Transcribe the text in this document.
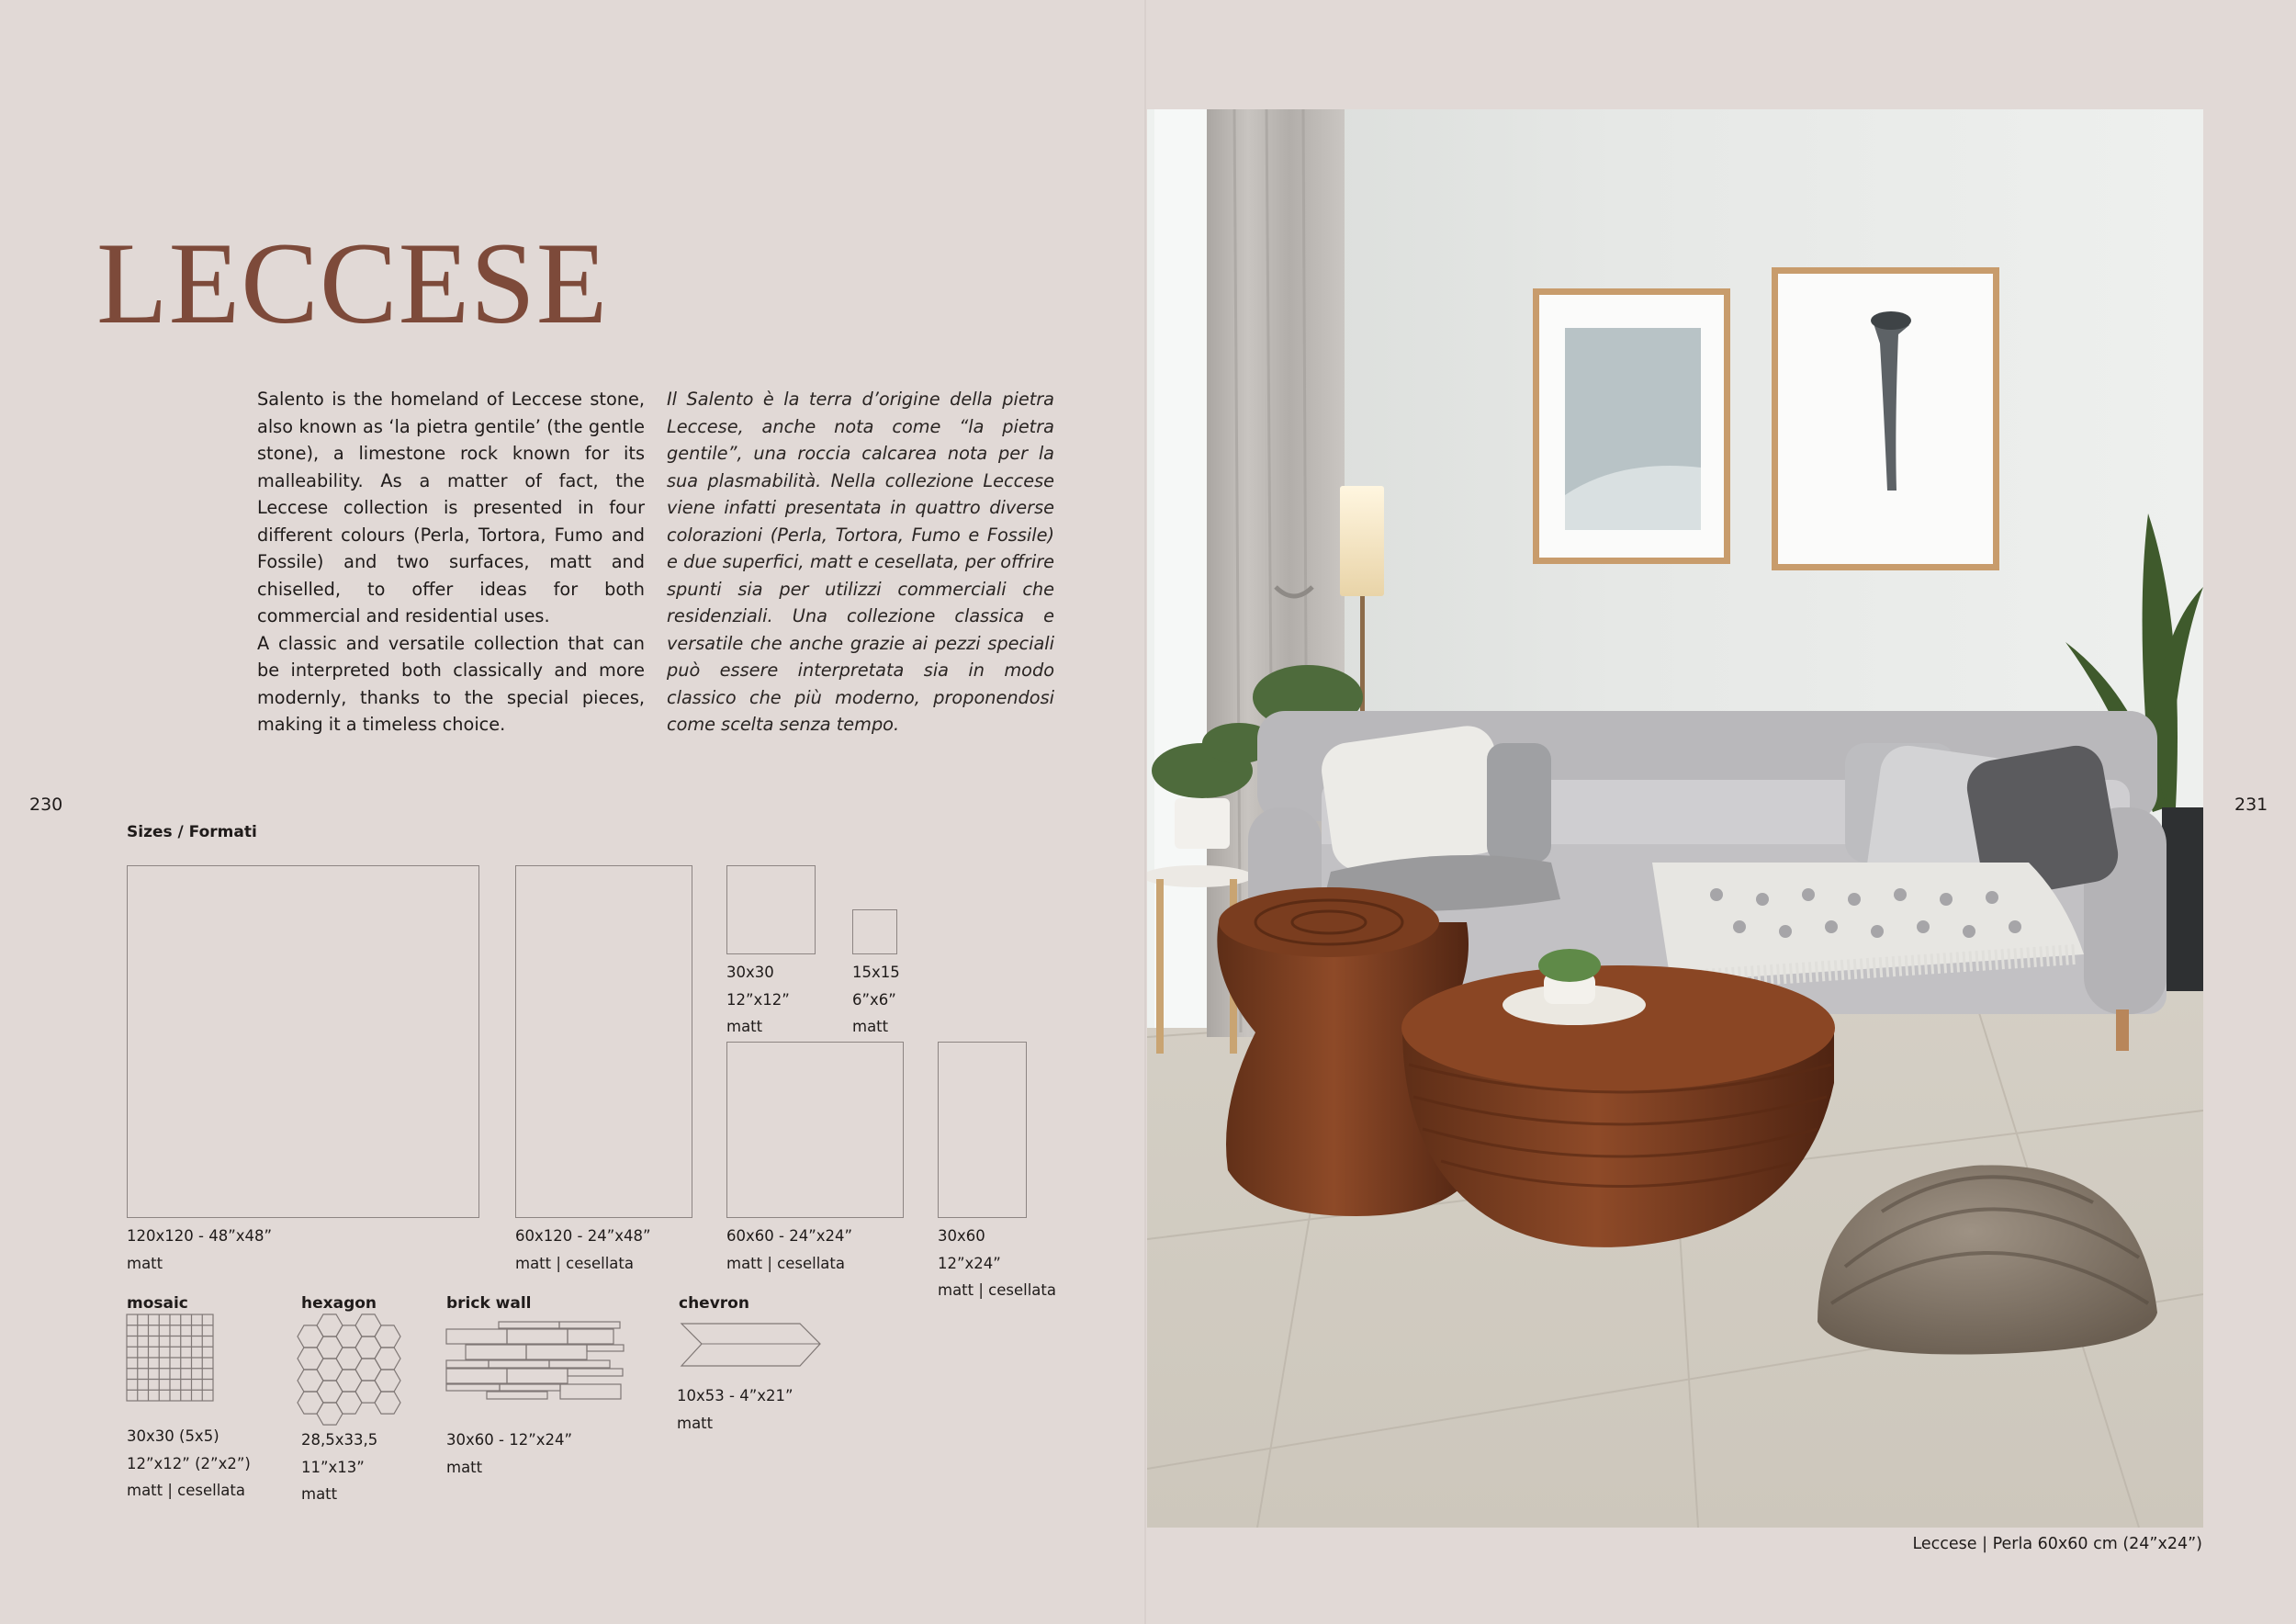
LECCESE

Salento is the homeland of Leccese stone, also known as ‘la pietra gentile’ (the gentle stone), a limestone rock known for its malleability. As a matter of fact, the Leccese collection is presented in four different colours (Perla, Tortora, Fumo and Fossile) and two surfaces, matt and chiselled, to offer ideas for both commercial and residential uses.

A classic and versatile collection that can be interpreted both classically and more modernly, thanks to the special pieces, making it a timeless choice.

Il Salento è la terra d’origine della pietra Leccese, anche nota come “la pietra gentile”, una roccia calcarea nota per la sua plasmabilità. Nella collezione Leccese viene infatti presentata in quattro diverse colorazioni (Perla, Tortora, Fumo e Fossile) e due superfici, matt e cesellata, per offrire spunti sia per utilizzi commerciali che residenziali. Una collezione classica e versatile che anche grazie ai pezzi speciali può essere interpretata sia in modo classico che più moderno, proponendosi come scelta senza tempo.

230	231
Sizes / Formati
120x120 - 48”x48”
matt
60x120 - 24”x48”
matt | cesellata
30x30
12”x12”
matt
15x15
6”x6”
matt
60x60 - 24”x24”
matt | cesellata
30x60
12”x24”
matt | cesellata
mosaic	hexagon	brick wall	chevron
30x30 (5x5)
12”x12” (2”x2”)
matt | cesellata
28,5x33,5
11”x13”
matt
30x60 - 12”x24”
matt
10x53 - 4”x21”
matt
Leccese | Perla 60x60 cm (24”x24”)
